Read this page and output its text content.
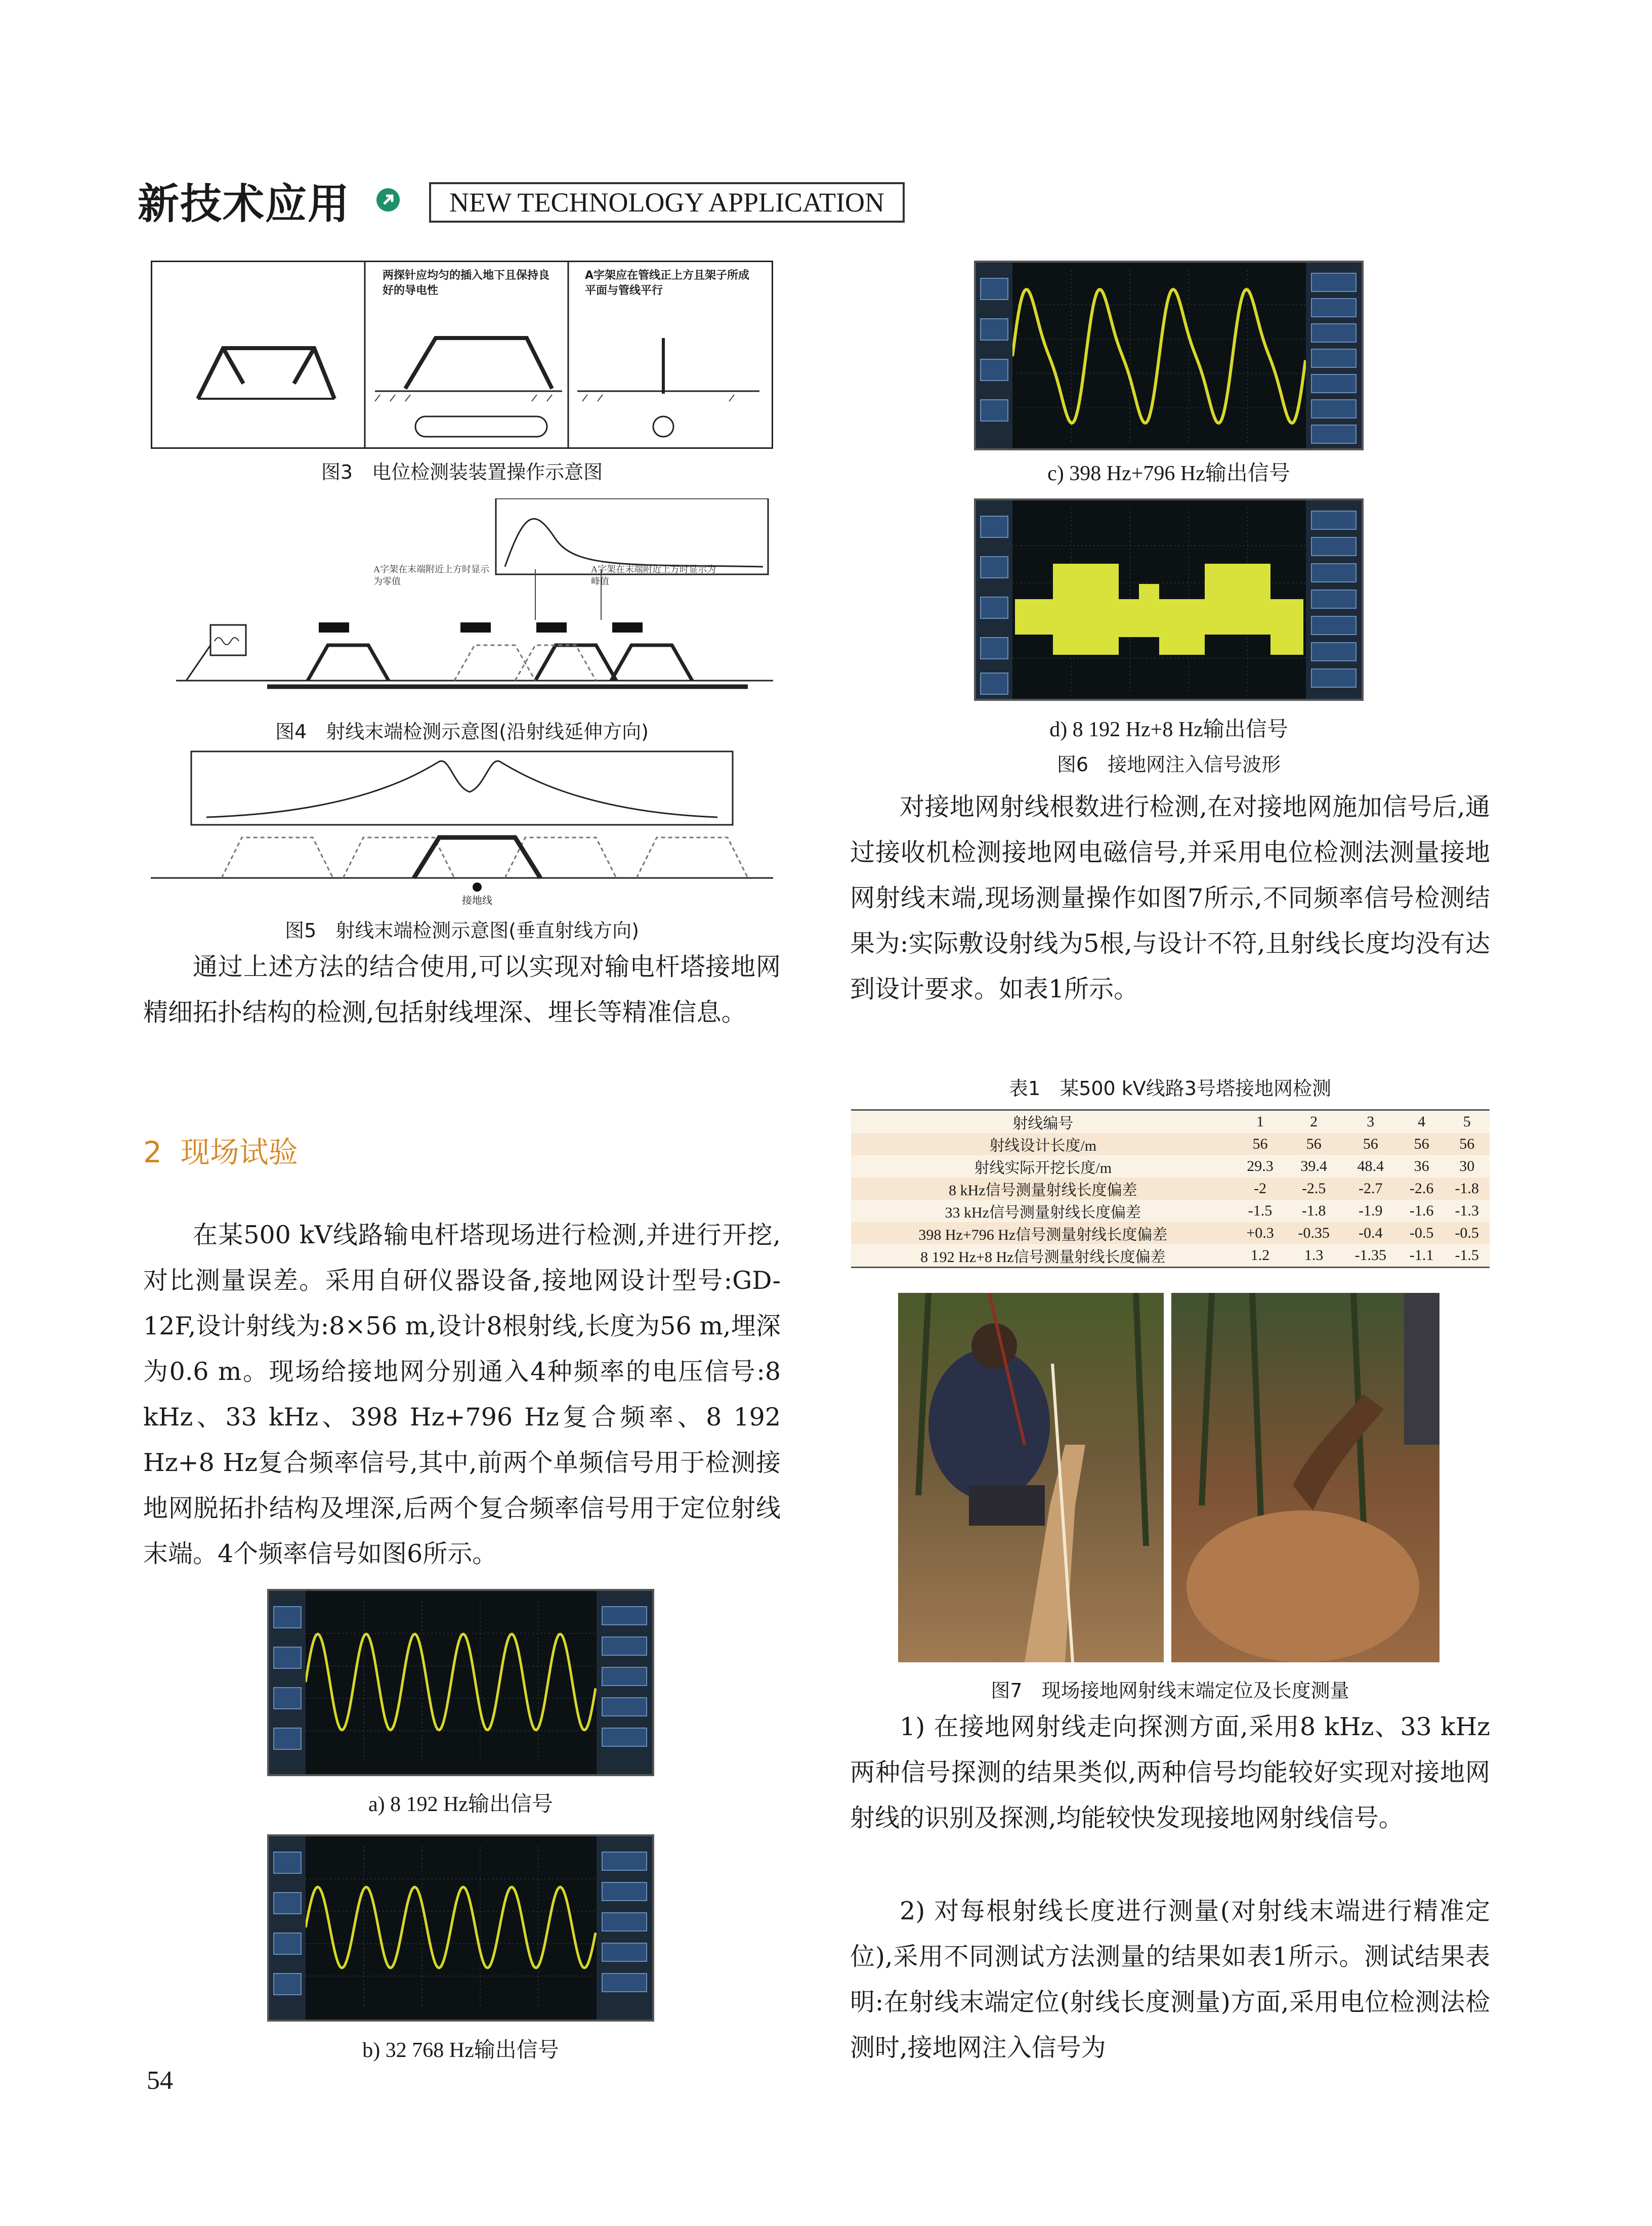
新技术应用	NEW TECHNOLOGY APPLICATION
两探针应均匀的插入地下且保持良好的导电性
A字架应在管线正上方且架子所成平面与管线平行
图3　电位检测装装置操作示意图
A字架在末端附近上方时显示为零值
A字架在末端附近上方时显示为峰值
图4　射线末端检测示意图(沿射线延伸方向)
接地线
图5　射线末端检测示意图(垂直射线方向)
通过上述方法的结合使用,可以实现对输电杆塔接地网精细拓扑结构的检测,包括射线埋深、埋长等精准信息。
2 现场试验
在某500 kV线路输电杆塔现场进行检测,并进行开挖,对比测量误差。采用自研仪器设备,接地网设计型号:GD-12F,设计射线为:8×56 m,设计8根射线,长度为56 m,埋深为0.6 m。现场给接地网分别通入4种频率的电压信号:8 kHz、33 kHz、398 Hz+796 Hz复合频率、8 192 Hz+8 Hz复合频率信号,其中,前两个单频信号用于检测接地网脱拓扑结构及埋深,后两个复合频率信号用于定位射线末端。4个频率信号如图6所示。
a) 8 192 Hz输出信号
b) 32 768 Hz输出信号
c) 398 Hz+796 Hz输出信号
d) 8 192 Hz+8 Hz输出信号
图6　接地网注入信号波形
对接地网射线根数进行检测,在对接地网施加信号后,通过接收机检测接地网电磁信号,并采用电位检测法测量接地网射线末端,现场测量操作如图7所示,不同频率信号检测结果为:实际敷设射线为5根,与设计不符,且射线长度均没有达到设计要求。如表1所示。
表1　某500 kV线路3号塔接地网检测
射线编号	1	2	3	4	5
射线设计长度/m	56	56	56	56	56
射线实际开挖长度/m	29.3	39.4	48.4	36	30
8 kHz信号测量射线长度偏差	-2	-2.5	-2.7	-2.6	-1.8
33 kHz信号测量射线长度偏差	-1.5	-1.8	-1.9	-1.6	-1.3
398 Hz+796 Hz信号测量射线长度偏差	+0.3	-0.35	-0.4	-0.5	-0.5
8 192 Hz+8 Hz信号测量射线长度偏差	1.2	1.3	-1.35	-1.1	-1.5
图7　现场接地网射线末端定位及长度测量
1) 在接地网射线走向探测方面,采用8 kHz、33 kHz两种信号探测的结果类似,两种信号均能较好实现对接地网射线的识别及探测,均能较快发现接地网射线信号。
2) 对每根射线长度进行测量(对射线末端进行精准定位),采用不同测试方法测量的结果如表1所示。测试结果表明:在射线末端定位(射线长度测量)方面,采用电位检测法检测时,接地网注入信号为
54
